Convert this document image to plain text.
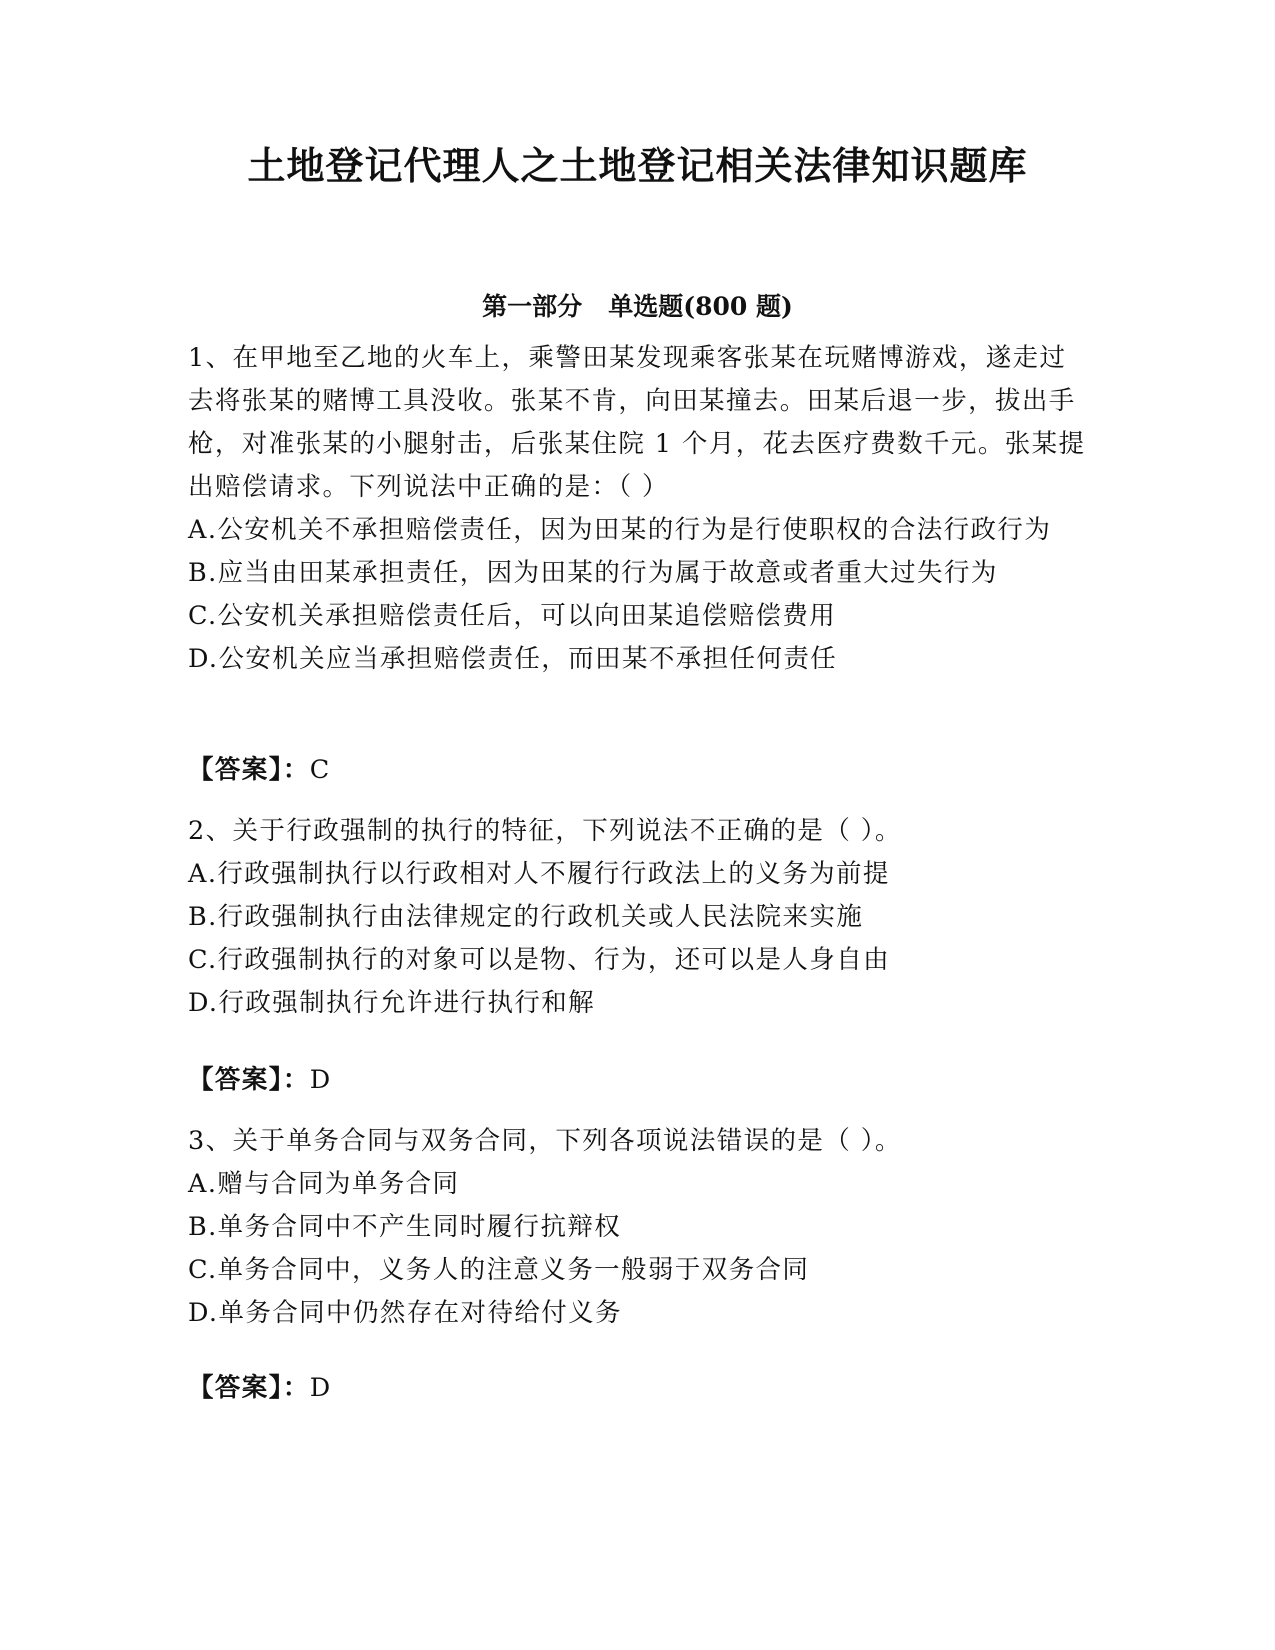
土地登记代理人之土地登记相关法律知识题库
第一部分   单选题(800 题)

1、在甲地至乙地的火车上，乘警田某发现乘客张某在玩赌博游戏，遂走过去将张某的赌博工具没收。张某不肯，向田某撞去。田某后退一步，拔出手枪，对准张某的小腿射击，后张某住院 1 个月，花去医疗费数千元。张某提出赔偿请求。下列说法中正确的是：（ ）

A.公安机关不承担赔偿责任，因为田某的行为是行使职权的合法行政行为

B.应当由田某承担责任，因为田某的行为属于故意或者重大过失行为

C.公安机关承担赔偿责任后，可以向田某追偿赔偿费用

D.公安机关应当承担赔偿责任，而田某不承担任何责任

【答案】：C

2、关于行政强制的执行的特征，下列说法不正确的是（ ）。

A.行政强制执行以行政相对人不履行行政法上的义务为前提

B.行政强制执行由法律规定的行政机关或人民法院来实施

C.行政强制执行的对象可以是物、行为，还可以是人身自由

D.行政强制执行允许进行执行和解

【答案】：D

3、关于单务合同与双务合同，下列各项说法错误的是（ ）。

A.赠与合同为单务合同

B.单务合同中不产生同时履行抗辩权

C.单务合同中，义务人的注意义务一般弱于双务合同

D.单务合同中仍然存在对待给付义务

【答案】：D
